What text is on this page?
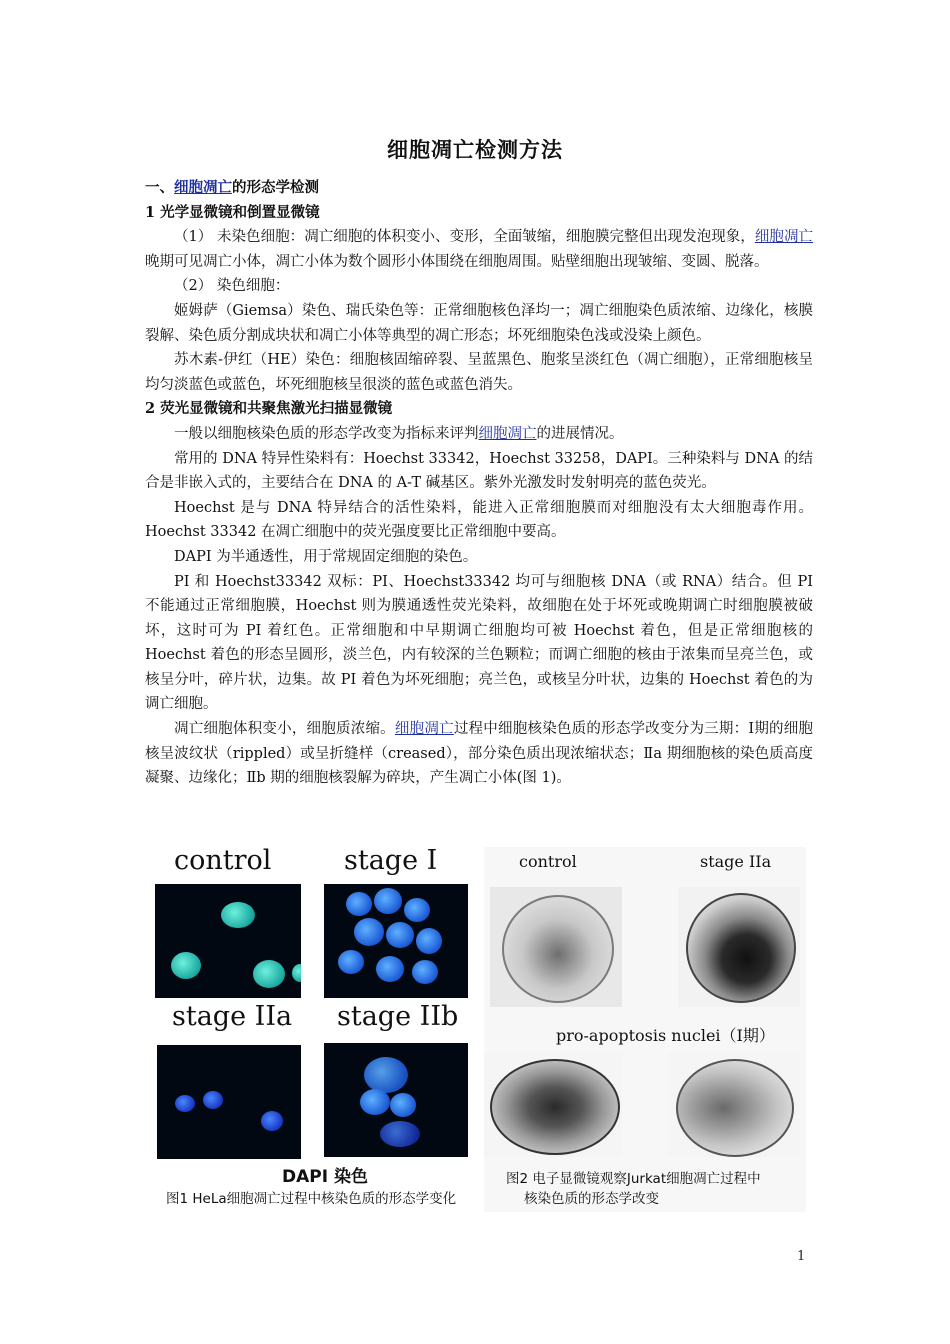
细胞凋亡检测方法

一、细胞凋亡的形态学检测

1 光学显微镜和倒置显微镜

（1） 未染色细胞：凋亡细胞的体积变小、变形，全面皱缩，细胞膜完整但出现发泡现象，细胞凋亡晚期可见凋亡小体，凋亡小体为数个圆形小体围绕在细胞周围。贴壁细胞出现皱缩、变圆、脱落。

（2） 染色细胞：

姬姆萨（Giemsa）染色、瑞氏染色等：正常细胞核色泽均一；凋亡细胞染色质浓缩、边缘化，核膜裂解、染色质分割成块状和凋亡小体等典型的凋亡形态；坏死细胞染色浅或没染上颜色。

苏木素-伊红（HE）染色：细胞核固缩碎裂、呈蓝黑色、胞浆呈淡红色（凋亡细胞），正常细胞核呈均匀淡蓝色或蓝色，坏死细胞核呈很淡的蓝色或蓝色消失。

2 荧光显微镜和共聚焦激光扫描显微镜

一般以细胞核染色质的形态学改变为指标来评判细胞凋亡的进展情况。

常用的 DNA 特异性染料有：Hoechst 33342，Hoechst 33258，DAPI。三种染料与 DNA 的结合是非嵌入式的，主要结合在 DNA 的 A-T 碱基区。紫外光激发时发射明亮的蓝色荧光。

Hoechst 是与 DNA 特异结合的活性染料，能进入正常细胞膜而对细胞没有太大细胞毒作用。Hoechst 33342 在凋亡细胞中的荧光强度要比正常细胞中要高。

DAPI 为半通透性，用于常规固定细胞的染色。

PI 和 Hoechst33342 双标：PI、Hoechst33342 均可与细胞核 DNA（或 RNA）结合。但 PI 不能通过正常细胞膜，Hoechst 则为膜通透性荧光染料，故细胞在处于坏死或晚期调亡时细胞膜被破坏，这时可为 PI 着红色。正常细胞和中早期调亡细胞均可被 Hoechst 着色，但是正常细胞核的 Hoechst 着色的形态呈圆形，淡兰色，内有较深的兰色颗粒；而调亡细胞的核由于浓集而呈亮兰色，或核呈分叶，碎片状，边集。故 PI 着色为坏死细胞；亮兰色，或核呈分叶状，边集的 Hoechst 着色的为调亡细胞。

凋亡细胞体积变小，细胞质浓缩。细胞凋亡过程中细胞核染色质的形态学改变分为三期：Ⅰ期的细胞核呈波纹状（rippled）或呈折缝样（creased），部分染色质出现浓缩状态；Ⅱa 期细胞核的染色质高度凝聚、边缘化；Ⅱb 期的细胞核裂解为碎块，产生凋亡小体(图 1)。

control	stage I
stage IIa stage IIb
DAPI 染色
图1 HeLa细胞凋亡过程中核染色质的形态学变化
control	stage IIa
pro-apoptosis nuclei（Ⅰ期）
图2 电子显微镜观察Jurkat细胞凋亡过程中
核染色质的形态学改变
1
